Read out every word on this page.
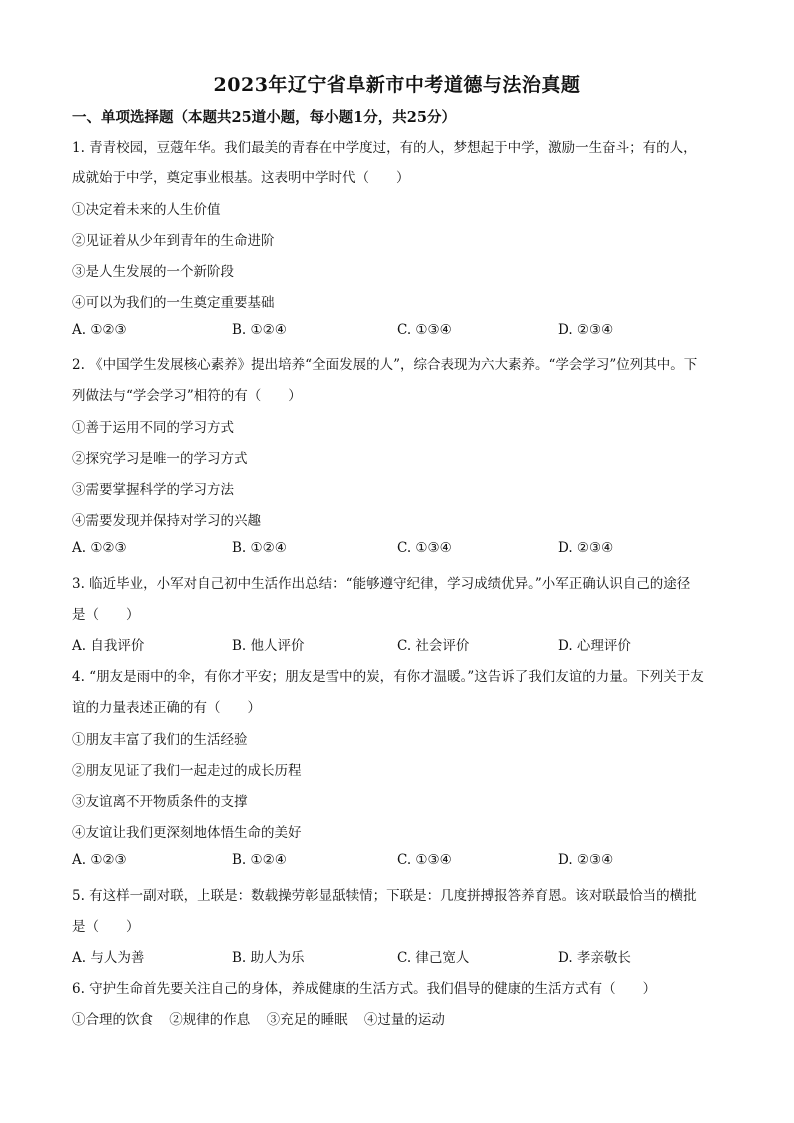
2023年辽宁省阜新市中考道德与法治真题
一、单项选择题（本题共25道小题，每小题1分，共25分）
1. 青青校园，豆蔻年华。我们最美的青春在中学度过，有的人，梦想起于中学，激励一生奋斗；有的人，
成就始于中学，奠定事业根基。这表明中学时代（　　）
①决定着未来的人生价值
②见证着从少年到青年的生命进阶
③是人生发展的一个新阶段
④可以为我们的一生奠定重要基础
A. ①②③	B. ①②④	C. ①③④	D. ②③④
2. 《中国学生发展核心素养》提出培养“全面发展的人”，综合表现为六大素养。“学会学习”位列其中。下
列做法与“学会学习”相符的有（　　）
①善于运用不同的学习方式
②探究学习是唯一的学习方式
③需要掌握科学的学习方法
④需要发现并保持对学习的兴趣
A. ①②③	B. ①②④	C. ①③④	D. ②③④
3. 临近毕业，小军对自己初中生活作出总结：“能够遵守纪律，学习成绩优异。”小军正确认识自己的途径
是（　　）
A. 自我评价	B. 他人评价	C. 社会评价	D. 心理评价
4. “朋友是雨中的伞，有你才平安；朋友是雪中的炭，有你才温暖。”这告诉了我们友谊的力量。下列关于友
谊的力量表述正确的有（　　）
①朋友丰富了我们的生活经验
②朋友见证了我们一起走过的成长历程
③友谊离不开物质条件的支撑
④友谊让我们更深刻地体悟生命的美好
A. ①②③	B. ①②④	C. ①③④	D. ②③④
5. 有这样一副对联，上联是：数载操劳彰显舐犊情；下联是：几度拼搏报答养育恩。该对联最恰当的横批
是（　　）
A. 与人为善	B. 助人为乐	C. 律己宽人	D. 孝亲敬长
6. 守护生命首先要关注自己的身体，养成健康的生活方式。我们倡导的健康的生活方式有（　　）
①合理的饮食 ②规律的作息 ③充足的睡眠 ④过量的运动
